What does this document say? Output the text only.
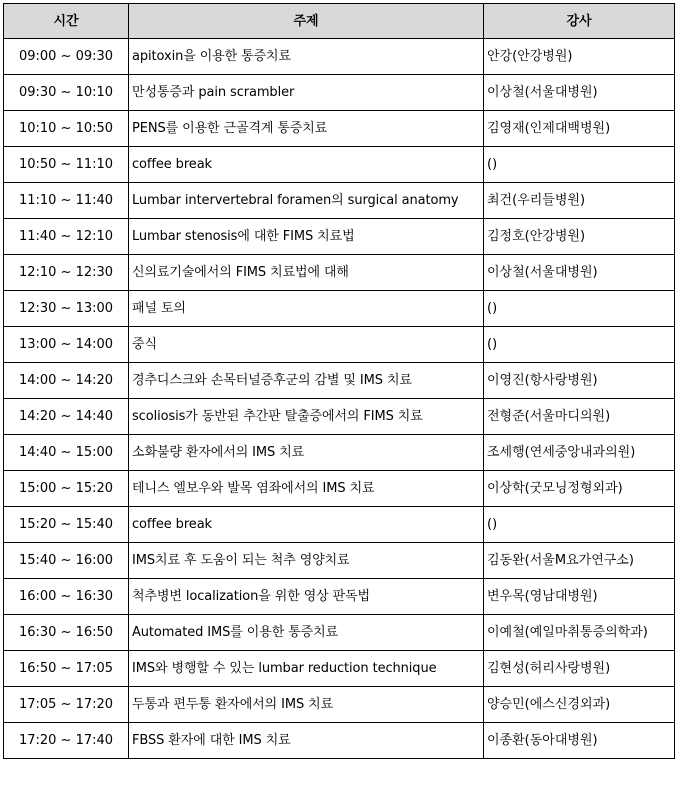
시간	주제	강사
09:00 ~ 09:30	apitoxin을 이용한 통증치료	안강(안강병원)
09:30 ~ 10:10	만성통증과 pain scrambler	이상철(서울대병원)
10:10 ~ 10:50	PENS를 이용한 근골격계 통증치료	김영재(인제대백병원)
10:50 ~ 11:10	coffee break	()
11:10 ~ 11:40	Lumbar intervertebral foramen의 surgical anatomy	최건(우리들병원)
11:40 ~ 12:10	Lumbar stenosis에 대한 FIMS 치료법	김정호(안강병원)
12:10 ~ 12:30	신의료기술에서의 FIMS 치료법에 대해	이상철(서울대병원)
12:30 ~ 13:00	패널 토의	()
13:00 ~ 14:00	중식	()
14:00 ~ 14:20	경추디스크와 손목터널증후군의 감별 및 IMS 치료	이영진(항사랑병원)
14:20 ~ 14:40	scoliosis가 동반된 추간판 탈출증에서의 FIMS 치료	전형준(서울마디의원)
14:40 ~ 15:00	소화불량 환자에서의 IMS 치료	조세행(연세중앙내과의원)
15:00 ~ 15:20	테니스 엘보우와 발목 염좌에서의 IMS 치료	이상학(굿모닝정형외과)
15:20 ~ 15:40	coffee break	()
15:40 ~ 16:00	IMS치료 후 도움이 되는 척추 영양치료	김동완(서울M요가연구소)
16:00 ~ 16:30	척추병변 localization을 위한 영상 판독법	변우목(영남대병원)
16:30 ~ 16:50	Automated IMS를 이용한 통증치료	이예철(예일마취통증의학과)
16:50 ~ 17:05	IMS와 병행할 수 있는 lumbar reduction technique	김현성(허리사랑병원)
17:05 ~ 17:20	두통과 편두통 환자에서의 IMS 치료	양승민(에스신경외과)
17:20 ~ 17:40	FBSS 환자에 대한 IMS 치료	이종환(동아대병원)
